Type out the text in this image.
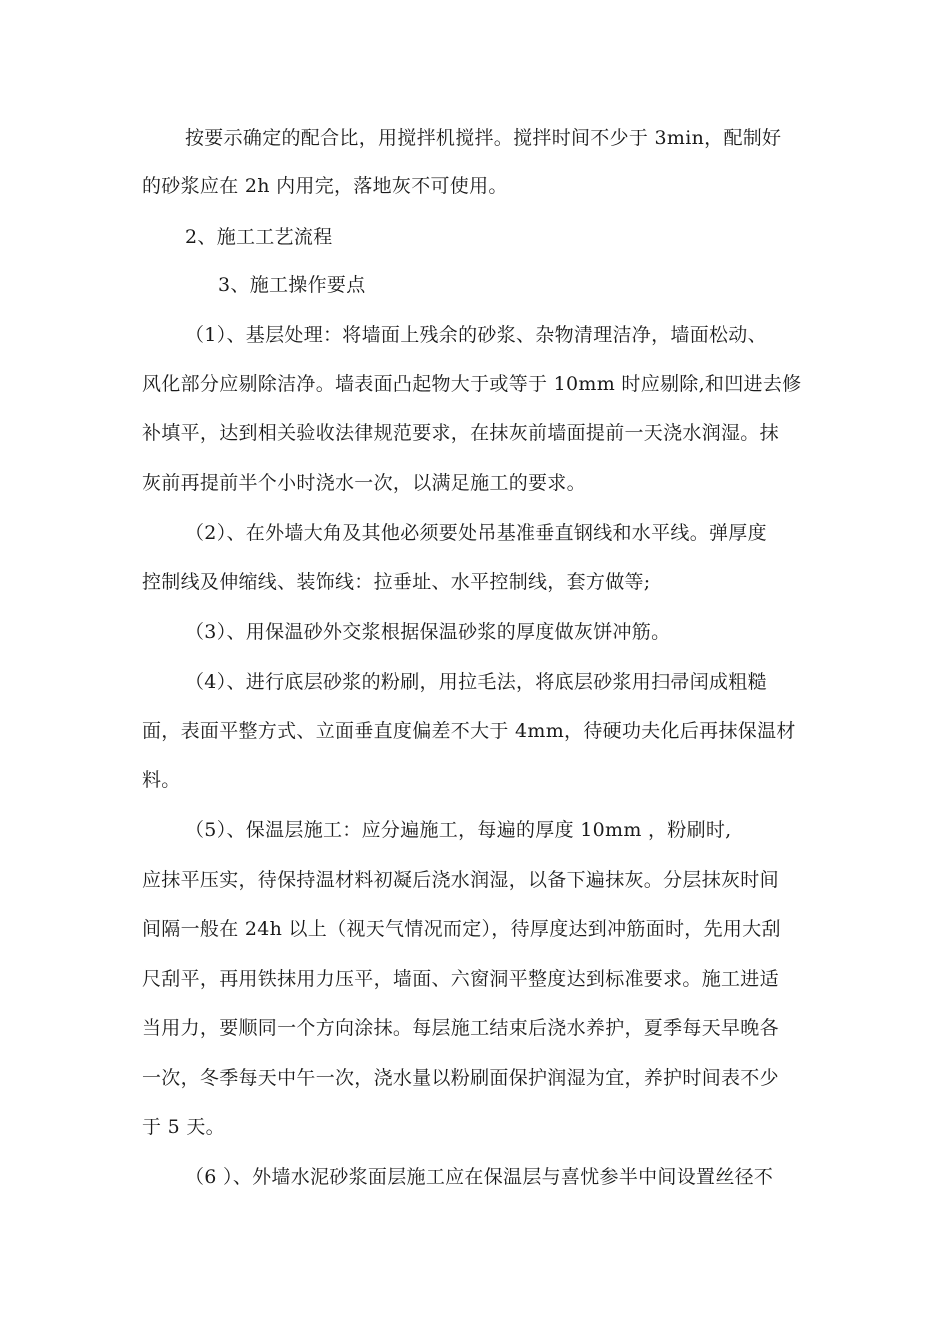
按要示确定的配合比，用搅拌机搅拌。搅拌时间不少于 3min，配制好
的砂浆应在 2h 内用完，落地灰不可使用。
2、施工工艺流程
3、施工操作要点
（1）、基层处理：将墙面上残余的砂浆、杂物清理洁净，墙面松动、
风化部分应剔除洁净。墙表面凸起物大于或等于 10mm 时应剔除,和凹进去修
补填平，达到相关验收法律规范要求，在抹灰前墙面提前一天浇水润湿。抹
灰前再提前半个小时浇水一次，以满足施工的要求。
（2）、在外墙大角及其他必须要处吊基准垂直钢线和水平线。弹厚度
控制线及伸缩线、装饰线：拉垂址、水平控制线，套方做等;
（3）、用保温砂外交浆根据保温砂浆的厚度做灰饼冲筋。
（4）、进行底层砂浆的粉刷，用拉毛法，将底层砂浆用扫帚闰成粗糙
面，表面平整方式、立面垂直度偏差不大于 4mm，待硬功夫化后再抹保温材
料。
（5）、保温层施工：应分遍施工，每遍的厚度 10mm ，粉刷时,
应抹平压实，待保持温材料初凝后浇水润湿，以备下遍抹灰。分层抹灰时间
间隔一般在 24h 以上（视天气情况而定），待厚度达到冲筋面时，先用大刮
尺刮平，再用铁抹用力压平，墙面、六窗洞平整度达到标准要求。施工进适
当用力，要顺同一个方向涂抹。每层施工结束后浇水养护，夏季每天早晚各
一次，冬季每天中午一次，浇水量以粉刷面保护润湿为宜，养护时间表不少
于 5 天。
（6 ）、外墙水泥砂浆面层施工应在保温层与喜忧参半中间设置丝径不
